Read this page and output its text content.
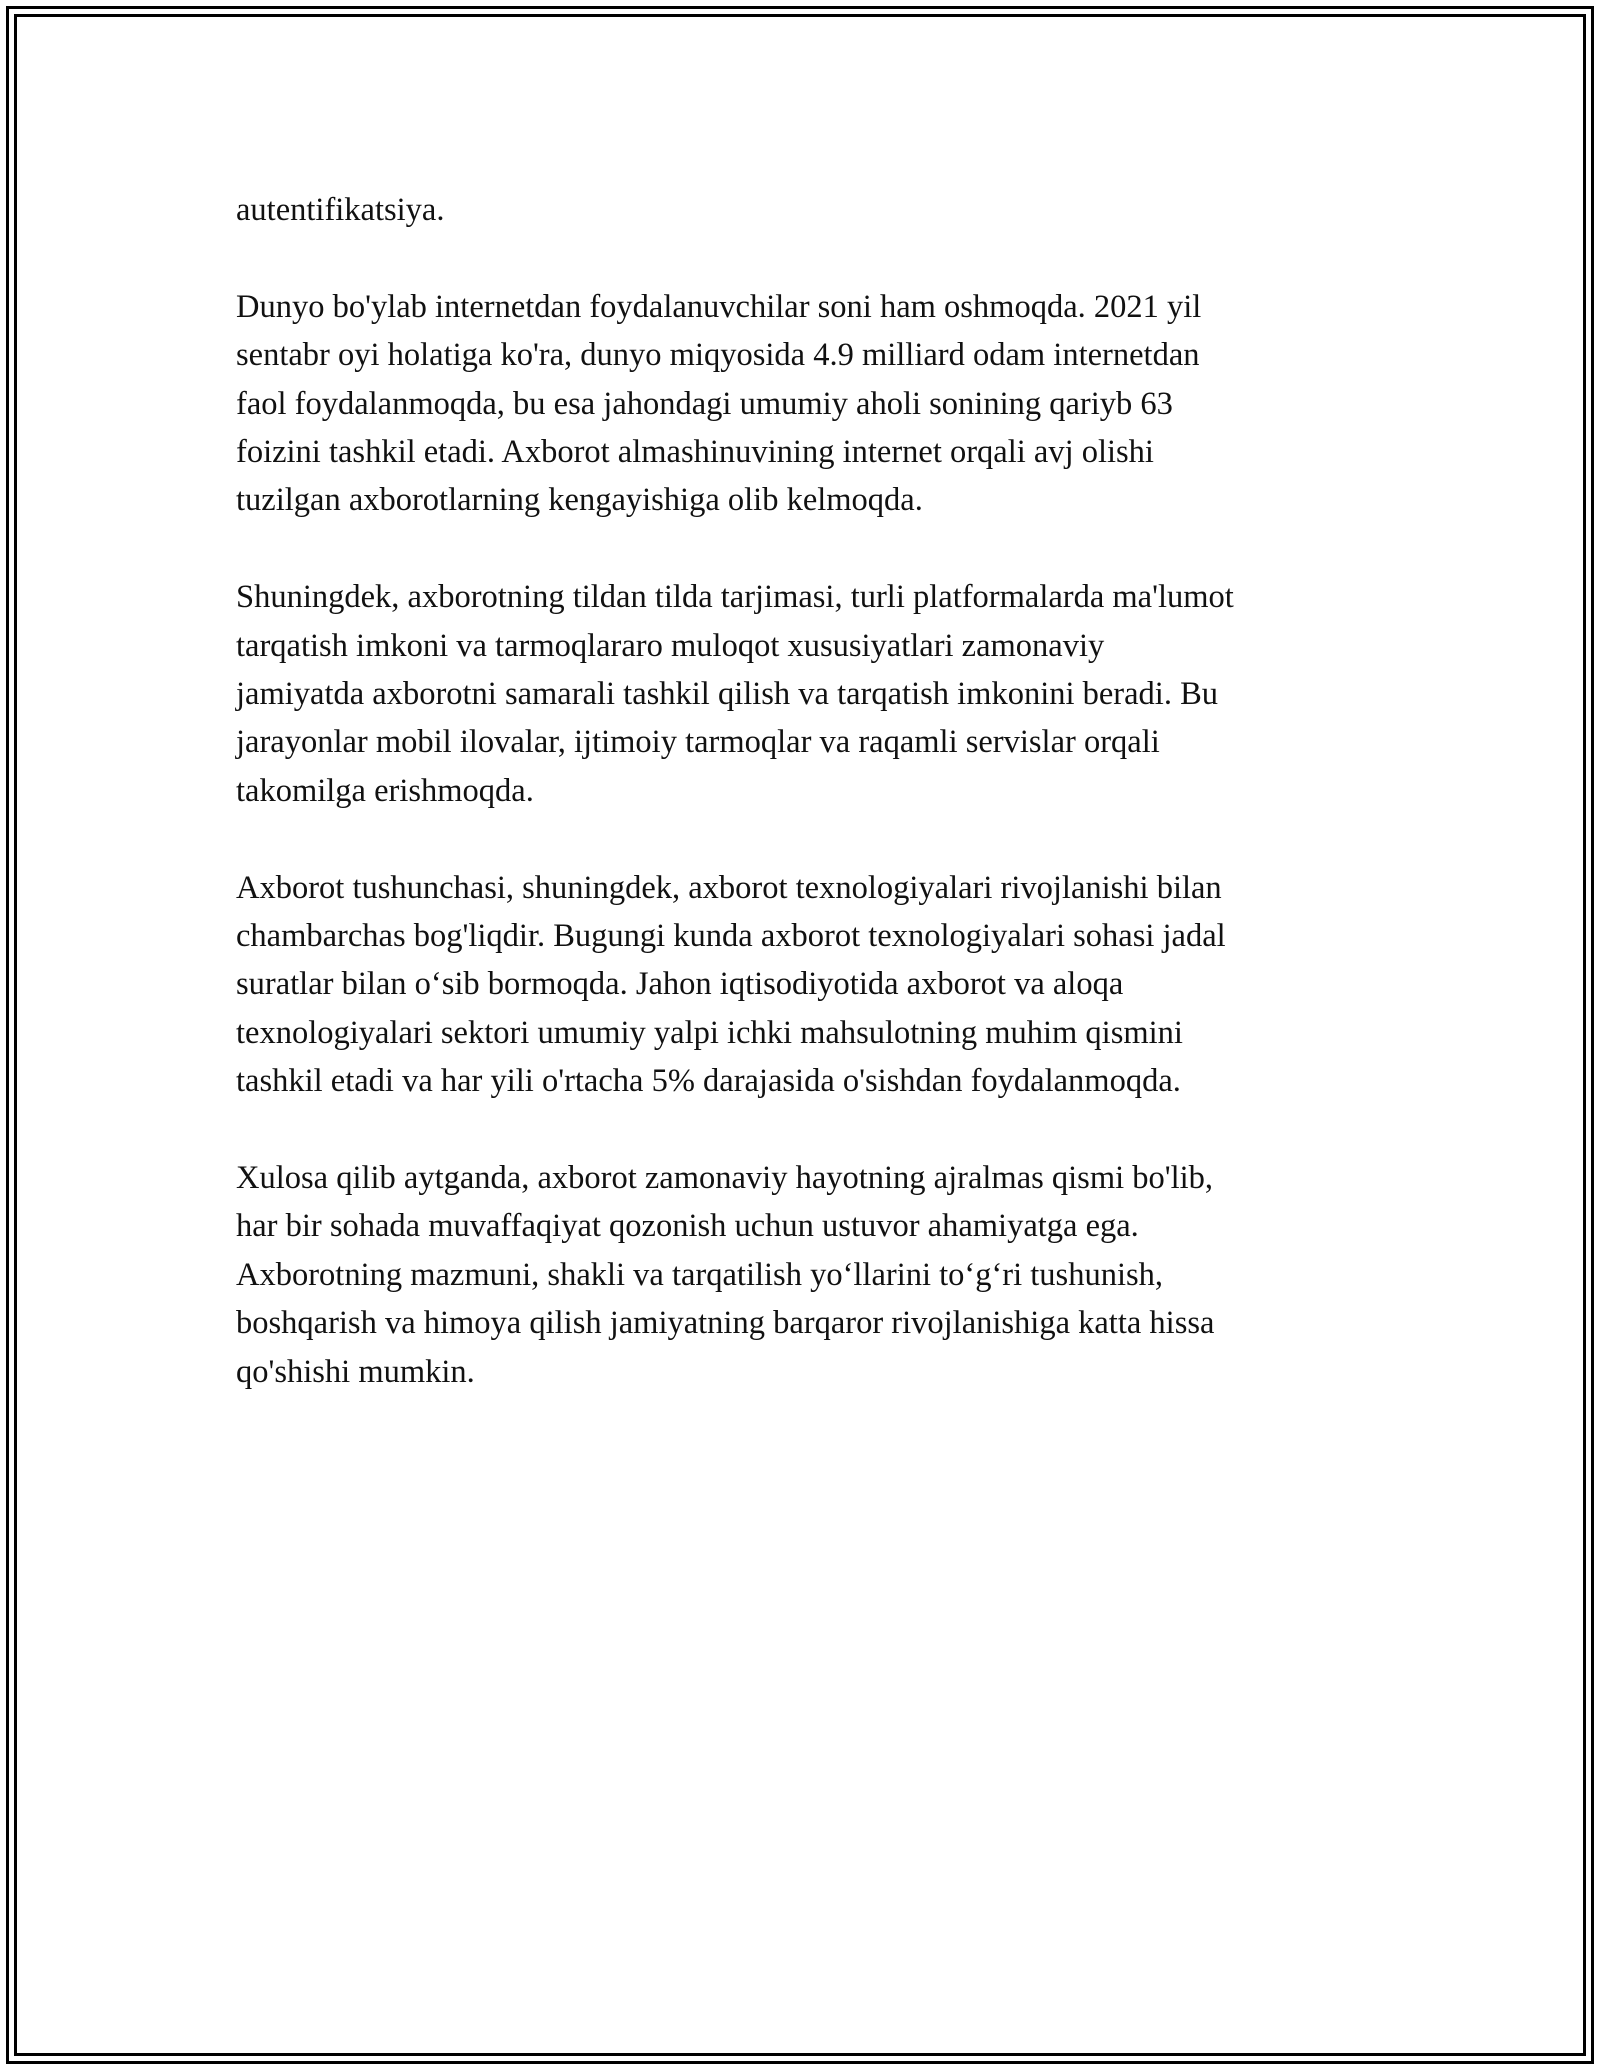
autentifikatsiya.

Dunyo bo'ylab internetdan foydalanuvchilar soni ham oshmoqda. 2021 yil
sentabr oyi holatiga ko'ra, dunyo miqyosida 4.9 milliard odam internetdan
faol foydalanmoqda, bu esa jahondagi umumiy aholi sonining qariyb 63
foizini tashkil etadi. Axborot almashinuvining internet orqali avj olishi
tuzilgan axborotlarning kengayishiga olib kelmoqda.

Shuningdek, axborotning tildan tilda tarjimasi, turli platformalarda ma'lumot
tarqatish imkoni va tarmoqlararo muloqot xususiyatlari zamonaviy
jamiyatda axborotni samarali tashkil qilish va tarqatish imkonini beradi. Bu
jarayonlar mobil ilovalar, ijtimoiy tarmoqlar va raqamli servislar orqali
takomilga erishmoqda.

Axborot tushunchasi, shuningdek, axborot texnologiyalari rivojlanishi bilan
chambarchas bog'liqdir. Bugungi kunda axborot texnologiyalari sohasi jadal
suratlar bilan o‘sib bormoqda. Jahon iqtisodiyotida axborot va aloqa
texnologiyalari sektori umumiy yalpi ichki mahsulotning muhim qismini
tashkil etadi va har yili o'rtacha 5% darajasida o'sishdan foydalanmoqda.

Xulosa qilib aytganda, axborot zamonaviy hayotning ajralmas qismi bo'lib,
har bir sohada muvaffaqiyat qozonish uchun ustuvor ahamiyatga ega.
Axborotning mazmuni, shakli va tarqatilish yo‘llarini to‘g‘ri tushunish,
boshqarish va himoya qilish jamiyatning barqaror rivojlanishiga katta hissa
qo'shishi mumkin.
